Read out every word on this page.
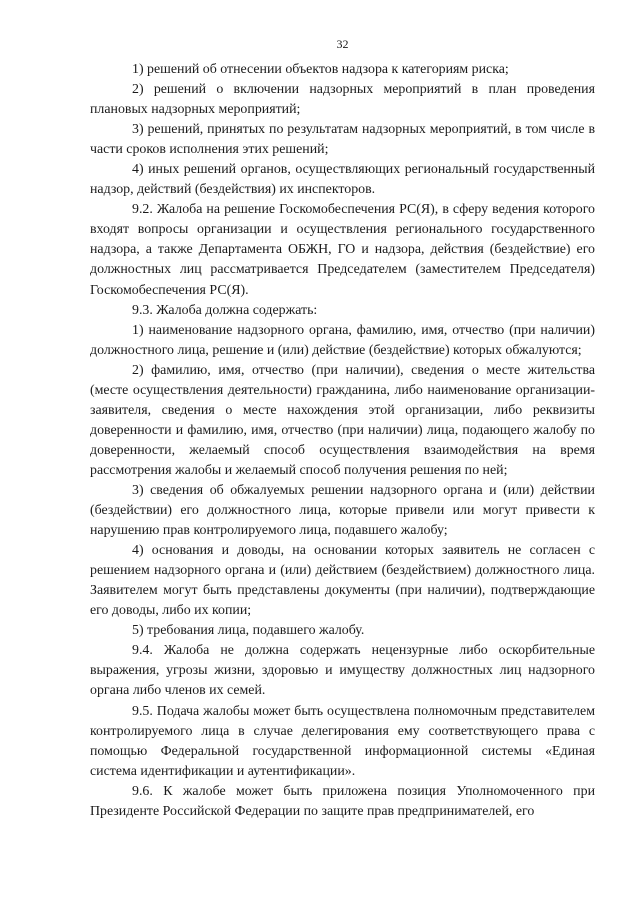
32

1) решений об отнесении объектов надзора к категориям риска;

2) решений о включении надзорных мероприятий в план проведения плановых надзорных мероприятий;

3) решений, принятых по результатам надзорных мероприятий, в том числе в части сроков исполнения этих решений;

4) иных решений органов, осуществляющих региональный государственный надзор, действий (бездействия) их инспекторов.

9.2. Жалоба на решение Госкомобеспечения РС(Я), в сферу ведения которого входят вопросы организации и осуществления регионального государственного надзора, а также Департамента ОБЖН, ГО и надзора, действия (бездействие) его должностных лиц рассматривается Председателем (заместителем Председателя) Госкомобеспечения РС(Я).

9.3. Жалоба должна содержать:

1) наименование надзорного органа, фамилию, имя, отчество (при наличии) должностного лица, решение и (или) действие (бездействие) которых обжалуются;

2) фамилию, имя, отчество (при наличии), сведения о месте жительства (месте осуществления деятельности) гражданина, либо наименование организации-заявителя, сведения о месте нахождения этой организации, либо реквизиты доверенности и фамилию, имя, отчество (при наличии) лица, подающего жалобу по доверенности, желаемый способ осуществления взаимодействия на время рассмотрения жалобы и желаемый способ получения решения по ней;

3) сведения об обжалуемых решении надзорного органа и (или) действии (бездействии) его должностного лица, которые привели или могут привести к нарушению прав контролируемого лица, подавшего жалобу;

4) основания и доводы, на основании которых заявитель не согласен с решением надзорного органа и (или) действием (бездействием) должностного лица. Заявителем могут быть представлены документы (при наличии), подтверждающие его доводы, либо их копии;

5) требования лица, подавшего жалобу.

9.4. Жалоба не должна содержать нецензурные либо оскорбительные выражения, угрозы жизни, здоровью и имуществу должностных лиц надзорного органа либо членов их семей.

9.5. Подача жалобы может быть осуществлена полномочным представителем контролируемого лица в случае делегирования ему соответствующего права с помощью Федеральной государственной информационной системы «Единая система идентификации и аутентификации».

9.6. К жалобе может быть приложена позиция Уполномоченного при Президенте Российской Федерации по защите прав предпринимателей, его
